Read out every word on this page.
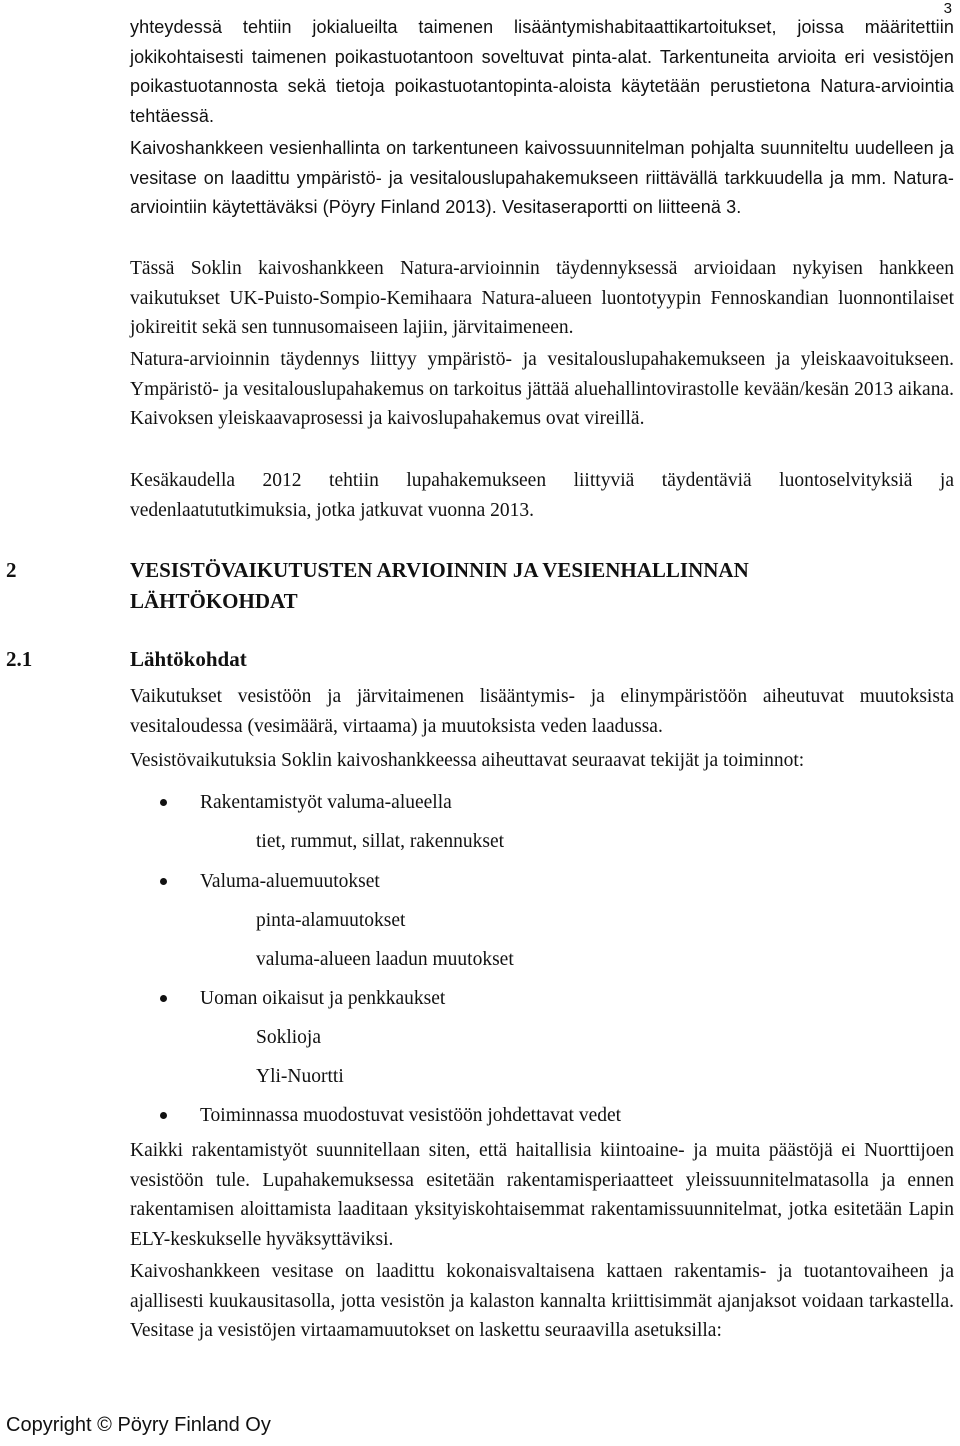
3

yhteydessä tehtiin jokialueilta taimenen lisääntymishabitaattikartoitukset, joissa määritettiin jokikohtaisesti taimenen poikastuotantoon soveltuvat pinta-alat. Tarkentuneita arvioita eri vesistöjen poikastuotannosta sekä tietoja poikastuotantopinta-aloista käytetään perustietona Natura-arviointia tehtäessä.

Kaivoshankkeen vesienhallinta on tarkentuneen kaivossuunnitelman pohjalta suunniteltu uudelleen ja vesitase on laadittu ympäristö- ja vesitalouslupahakemukseen riittävällä tarkkuudella ja mm. Natura-arviointiin käytettäväksi (Pöyry Finland 2013). Vesitaseraportti on liitteenä 3.

Tässä Soklin kaivoshankkeen Natura-arvioinnin täydennyksessä arvioidaan nykyisen hankkeen vaikutukset UK-Puisto-Sompio-Kemihaara Natura-alueen luontotyypin Fennoskandian luonnontilaiset jokireitit sekä sen tunnusomaiseen lajiin, järvitaimeneen.

Natura-arvioinnin täydennys liittyy ympäristö- ja vesitalouslupahakemukseen ja yleiskaavoitukseen. Ympäristö- ja vesitalouslupahakemus on tarkoitus jättää aluehallintovirastolle kevään/kesän 2013 aikana. Kaivoksen yleiskaavaprosessi ja kaivoslupahakemus ovat vireillä.

Kesäkaudella 2012 tehtiin lupahakemukseen liittyviä täydentäviä luontoselvityksiä ja vedenlaatututkimuksia, jotka jatkuvat vuonna 2013.

2	VESISTÖVAIKUTUSTEN ARVIOINNIN JA VESIENHALLINNAN LÄHTÖKOHDAT
2.1	Lähtökohdat

Vaikutukset vesistöön ja järvitaimenen lisääntymis- ja elinympäristöön aiheutuvat muutoksista vesitaloudessa (vesimäärä, virtaama) ja muutoksista veden laadussa.

Vesistövaikutuksia Soklin kaivoshankkeessa aiheuttavat seuraavat tekijät ja toiminnot:

Rakentamistyöt valuma-alueella
tiet, rummut, sillat, rakennukset
Valuma-aluemuutokset
pinta-alamuutokset
valuma-alueen laadun muutokset
Uoman oikaisut ja penkkaukset
Soklioja
Yli-Nuortti
Toiminnassa muodostuvat vesistöön johdettavat vedet

Kaikki rakentamistyöt suunnitellaan siten, että haitallisia kiintoaine- ja muita päästöjä ei Nuorttijoen vesistöön tule. Lupahakemuksessa esitetään rakentamisperiaatteet yleissuunnitelmatasolla ja ennen rakentamisen aloittamista laaditaan yksityiskohtaisemmat rakentamissuunnitelmat, jotka esitetään Lapin ELY-keskukselle hyväksyttäviksi.

Kaivoshankkeen vesitase on laadittu kokonaisvaltaisena kattaen rakentamis- ja tuotantovaiheen ja ajallisesti kuukausitasolla, jotta vesistön ja kalaston kannalta kriittisimmät ajanjaksot voidaan tarkastella. Vesitase ja vesistöjen virtaamamuutokset on laskettu seuraavilla asetuksilla:

Copyright © Pöyry Finland Oy
